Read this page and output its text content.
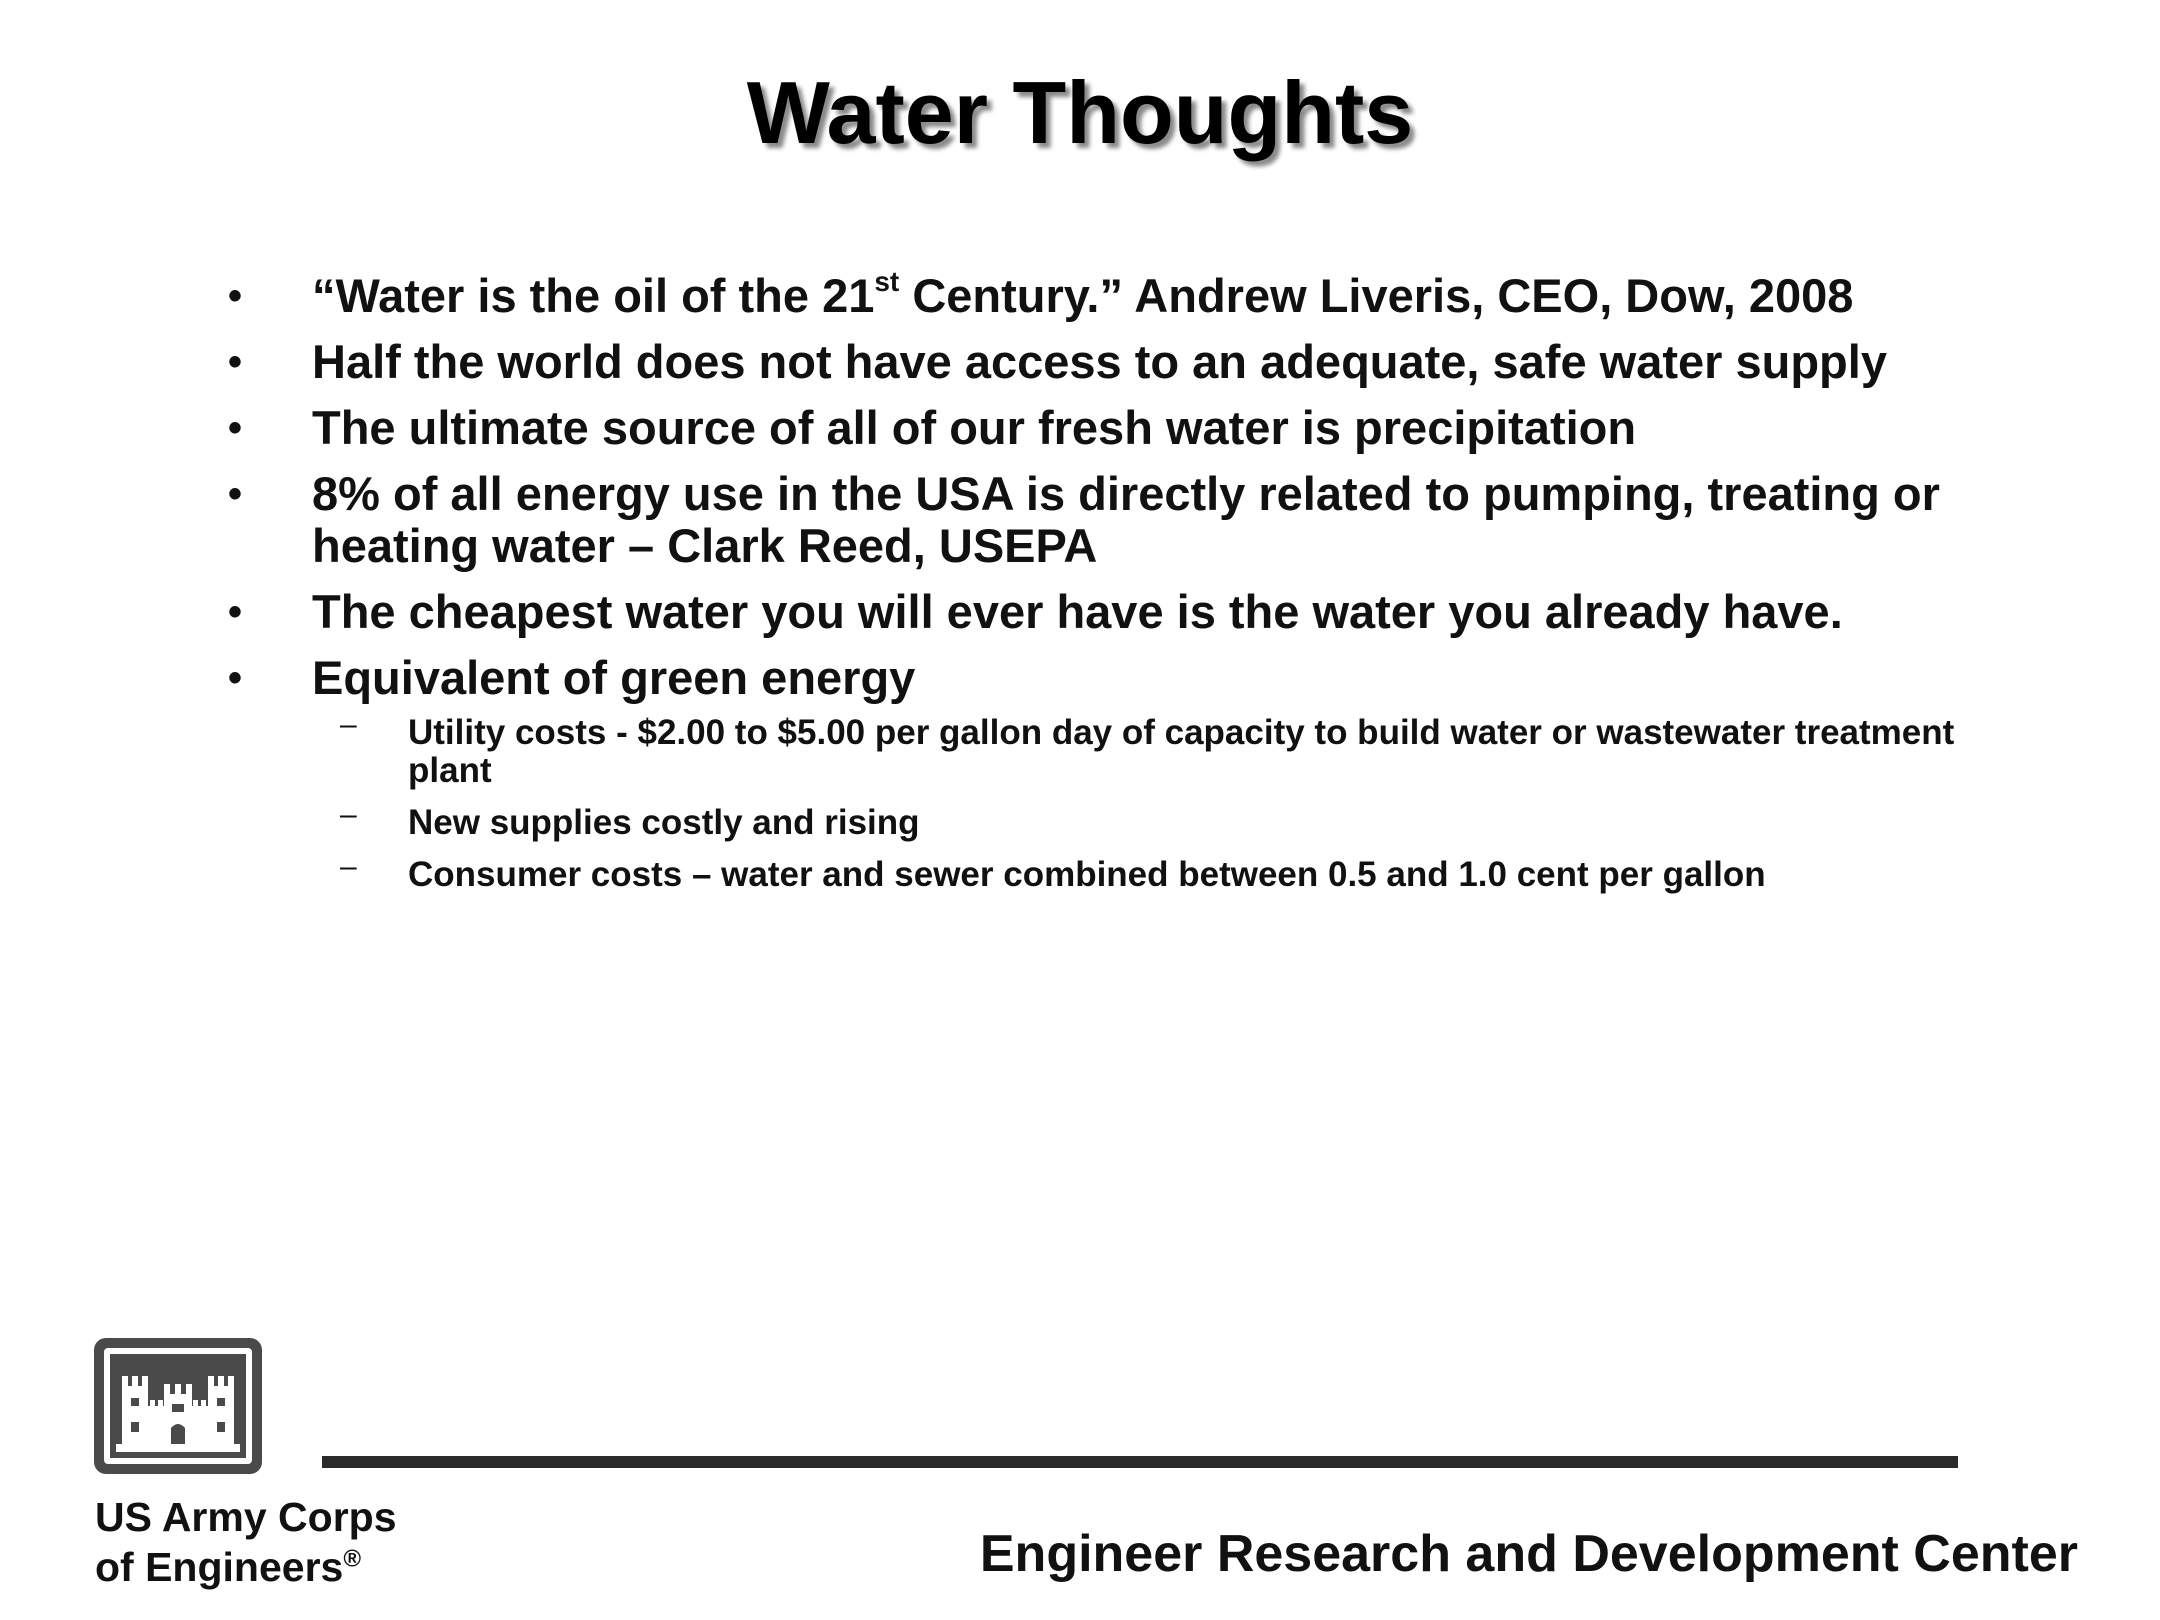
Water Thoughts
• “Water is the oil of the 21st Century.” Andrew Liveris, CEO, Dow, 2008
• Half the world does not have access to an adequate, safe water supply
• The ultimate source of all of our fresh water is precipitation
• 8% of all energy use in the USA is directly related to pumping, treating or heating water – Clark Reed, USEPA
• The cheapest water you will ever have is the water you already have.
• Equivalent of green energy
– Utility costs - $2.00 to $5.00 per gallon day of capacity to build water or wastewater treatment plant
– New supplies costly and rising
– Consumer costs – water and sewer combined between 0.5 and 1.0 cent per gallon
US Army Corps
of Engineers®	Engineer Research and Development Center
